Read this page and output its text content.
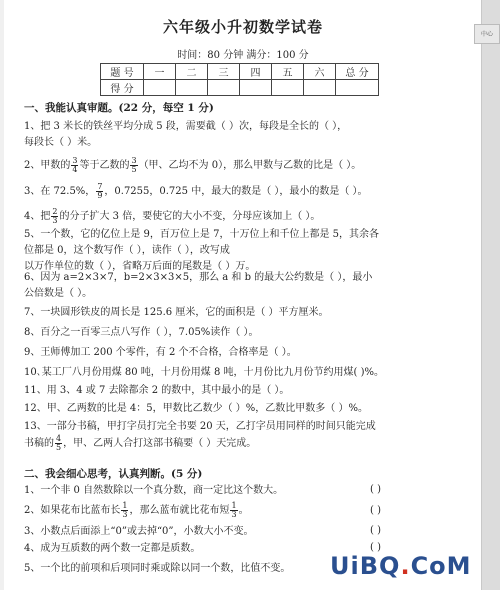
六年级小升初数学试卷
时间：80 分钟 满分：100 分
题 号	一	二	三	四	五	六	总 分
得 分							
一、我能认真审题。(22 分，每空 1 分)
1、把 3 米长的铁丝平均分成 5 段，需要截（ ）次，每段是全长的（ ），
每段长（ ）米。
2、甲数的 $\frac{3}{4}$ 等于乙数的 $\frac{3}{5}$ （甲、乙均不为 0），那么甲数与乙数的比是（ ）。
3、在 72.5%， $\frac{7}{9}$ ，0.7255，0.725 中，最大的数是（ ），最小的数是（ ）。
4、把 $\frac{2}{3}$ 的分子扩大 3 倍，要使它的大小不变，分母应该加上（ ）。
5、一个数，它的亿位上是 9，百万位上是 7，十万位上和千位上都是 5，其余各
位都是 0，这个数写作（ ），读作（ ），改写成
以万作单位的数（ ），省略万后面的尾数是（ ）万。
6、因为 a=2×3×7，b=2×3×3×5，那么 a 和 b 的最大公约数是（ ），最小
公倍数是（ ）。
7、一块圆形铁皮的周长是 125.6 厘米，它的面积是（ ）平方厘米。
8、百分之一百零三点八写作（ ），7.05%读作（ ）。
9、王师傅加工 200 个零件，有 2 个不合格，合格率是（ ）。
10､某工厂八月份用煤 80 吨，十月份用煤 8 吨，十月份比九月份节约用煤( )%。
11、用 3、4 或 7 去除都余 2 的数中，其中最小的是（ ）。
12、甲、乙两数的比是 4：5，甲数比乙数少（ ）%，乙数比甲数多（ ）%。
13、一部分书稿，甲打字员打完全书要 20 天，乙打字员用同样的时间只能完成
书稿的 $\frac{4}{5}$ ，甲、乙两人合打这部书稿要（ ）天完成。
二、我会细心思考，认真判断。(5 分)
1、一个非 0 自然数除以一个真分数，商一定比这个数大。	( )
2、如果花布比蓝布长 $\frac{1}{3}$ ，那么蓝布就比花布短 $\frac{1}{3}$ 。	( )
3、小数点后面添上“0”或去掉“0”，小数大小不变。	( )
4、成为互质数的两个数一定都是质数。	( )
5、一个比的前项和后项同时乘或除以同一个数，比值不变。
中心
UiBQ.CoM
